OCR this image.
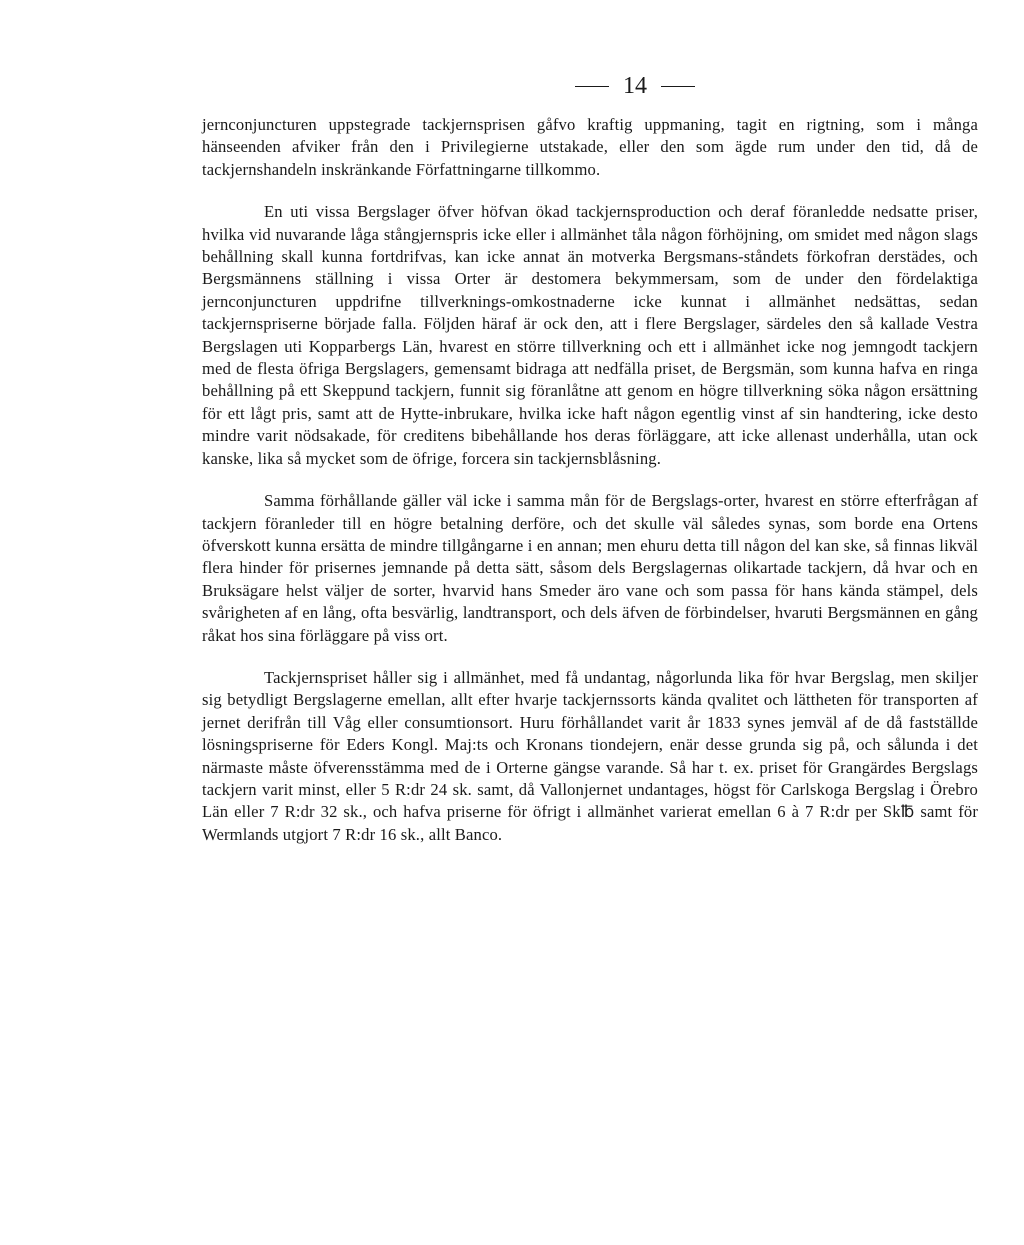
14

jernconjuncturen uppstegrade tackjernsprisen gåfvo kraftig uppmaning, tagit en rigtning, som i många hänseenden afviker från den i Privilegierne utstakade, eller den som ägde rum under den tid, då de tackjernshandeln inskränkande Författningarne tillkommo.

En uti vissa Bergslager öfver höfvan ökad tackjernsproduction och deraf föranledde nedsatte priser, hvilka vid nuvarande låga stångjernspris icke eller i allmänhet tåla någon förhöjning, om smidet med någon slags behållning skall kunna fortdrifvas, kan icke annat än motverka Bergsmans-ståndets förkofran derstädes, och Bergsmännens ställning i vissa Orter är destomera bekymmersam, som de under den fördelaktiga jernconjuncturen uppdrifne tillverknings-omkostnaderne icke kunnat i allmänhet nedsättas, sedan tackjernspriserne började falla. Följden häraf är ock den, att i flere Bergslager, särdeles den så kallade Vestra Bergslagen uti Kopparbergs Län, hvarest en större tillverkning och ett i allmänhet icke nog jemngodt tackjern med de flesta öfriga Bergslagers, gemensamt bidraga att nedfälla priset, de Bergsmän, som kunna hafva en ringa behållning på ett Skeppund tackjern, funnit sig föranlåtne att genom en högre tillverkning söka någon ersättning för ett lågt pris, samt att de Hytte-inbrukare, hvilka icke haft någon egentlig vinst af sin handtering, icke desto mindre varit nödsakade, för creditens bibehållande hos deras förläggare, att icke allenast underhålla, utan ock kanske, lika så mycket som de öfrige, forcera sin tackjernsblåsning.

Samma förhållande gäller väl icke i samma mån för de Bergslags-orter, hvarest en större efterfrågan af tackjern föranleder till en högre betalning derföre, och det skulle väl således synas, som borde ena Ortens öfverskott kunna ersätta de mindre tillgångarne i en annan; men ehuru detta till någon del kan ske, så finnas likväl flera hinder för prisernes jemnande på detta sätt, såsom dels Bergslagernas olikartade tackjern, då hvar och en Bruksägare helst väljer de sorter, hvarvid hans Smeder äro vane och som passa för hans kända stämpel, dels svårigheten af en lång, ofta besvärlig, landtransport, och dels äfven de förbindelser, hvaruti Bergsmännen en gång råkat hos sina förläggare på viss ort.

Tackjernspriset håller sig i allmänhet, med få undantag, någorlunda lika för hvar Bergslag, men skiljer sig betydligt Bergslagerne emellan, allt efter hvarje tackjernssorts kända qvalitet och lättheten för transporten af jernet derifrån till Våg eller consumtionsort. Huru förhållandet varit år 1833 synes jemväl af de då fastställde lösningspriserne för Eders Kongl. Maj:ts och Kronans tiondejern, enär desse grunda sig på, och sålunda i det närmaste måste öfverensstämma med de i Orterne gängse varande. Så har t. ex. priset för Grangärdes Bergslags tackjern varit minst, eller 5 R:dr 24 sk. samt, då Vallonjernet undantages, högst för Carlskoga Bergslag i Örebro Län eller 7 R:dr 32 sk., och hafva priserne för öfrigt i allmänhet varierat emellan 6 à 7 R:dr per Sk℔ samt för Wermlands utgjort 7 R:dr 16 sk., allt Banco.
